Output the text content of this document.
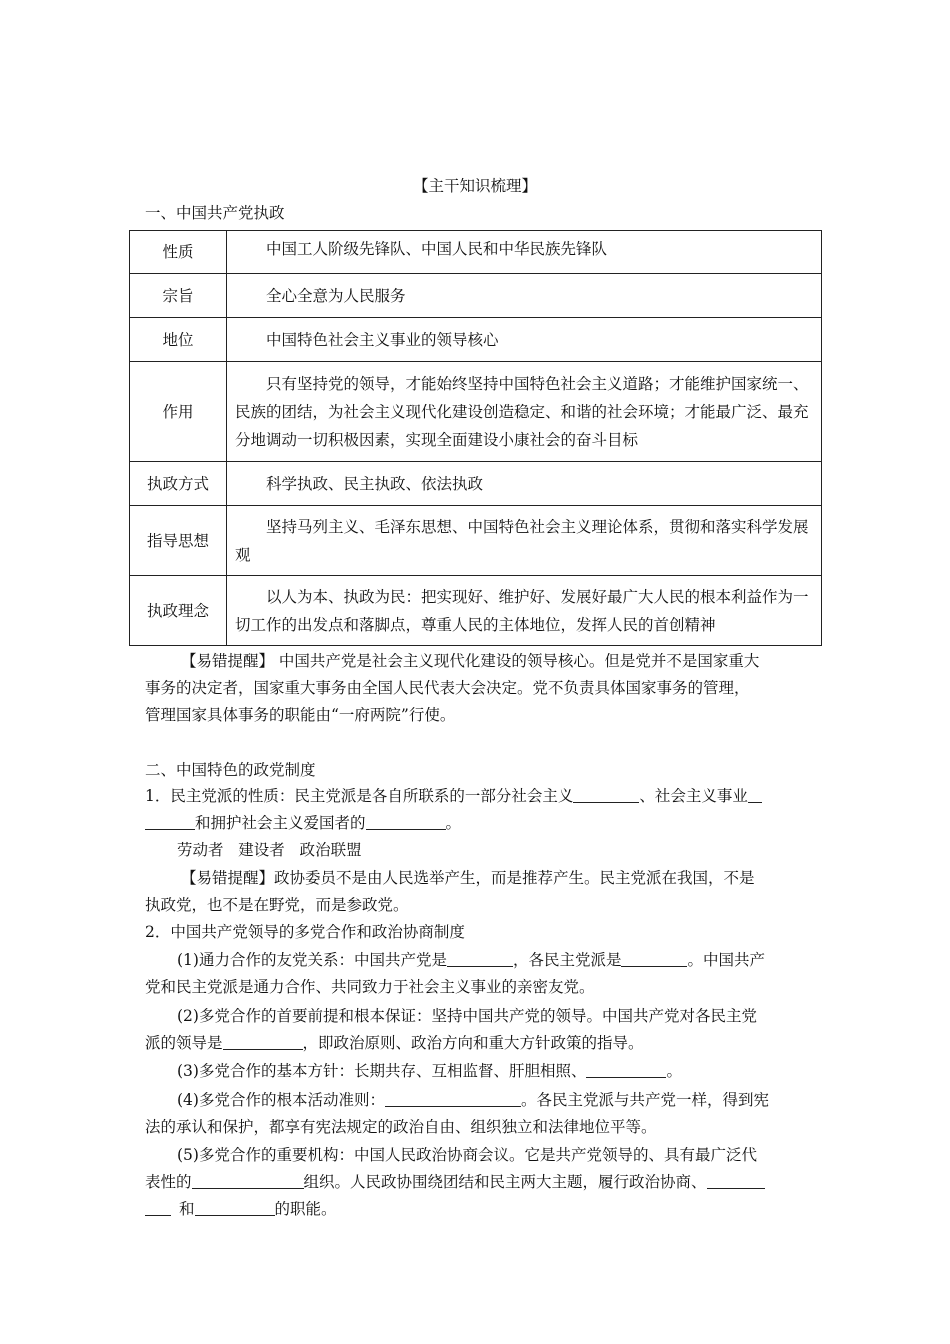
【主干知识梳理】
一、中国共产党执政
性质	中国工人阶级先锋队、中国人民和中华民族先锋队
宗旨	全心全意为人民服务
地位	中国特色社会主义事业的领导核心
作用	只有坚持党的领导，才能始终坚持中国特色社会主义道路；才能维护国家统一、民族的团结，为社会主义现代化建设创造稳定、和谐的社会环境；才能最广泛、最充分地调动一切积极因素，实现全面建设小康社会的奋斗目标
执政方式	科学执政、民主执政、依法执政
指导思想	坚持马列主义、毛泽东思想、中国特色社会主义理论体系，贯彻和落实科学发展观
执政理念	以人为本、执政为民：把实现好、维护好、发展好最广大人民的根本利益作为一切工作的出发点和落脚点，尊重人民的主体地位，发挥人民的首创精神
【易错提醒】 中国共产党是社会主义现代化建设的领导核心。但是党并不是国家重大
事务的决定者，国家重大事务由全国人民代表大会决定。党不负责具体国家事务的管理，
管理国家具体事务的职能由“一府两院”行使。
二、中国特色的政党制度
1．民主党派的性质：民主党派是各自所联系的一部分社会主义	、社会主义事业
和拥护社会主义爱国者的	。
劳动者   建设者   政治联盟
【易错提醒】政协委员不是由人民选举产生，而是推荐产生。民主党派在我国，不是
执政党，也不是在野党，而是参政党。
2．中国共产党领导的多党合作和政治协商制度
(1)通力合作的友党关系：中国共产党是	，各民主党派是	。中国共产
党和民主党派是通力合作、共同致力于社会主义事业的亲密友党。
(2)多党合作的首要前提和根本保证：坚持中国共产党的领导。中国共产党对各民主党
派的领导是	，即政治原则、政治方向和重大方针政策的指导。
(3)多党合作的基本方针：长期共存、互相监督、肝胆相照、	。
(4)多党合作的根本活动准则：	。各民主党派与共产党一样，得到宪
法的承认和保护，都享有宪法规定的政治自由、组织独立和法律地位平等。
(5)多党合作的重要机构：中国人民政治协商会议。它是共产党领导的、具有最广泛代
表性的	组织。人民政协围绕团结和民主两大主题，履行政治协商、
和	的职能。
